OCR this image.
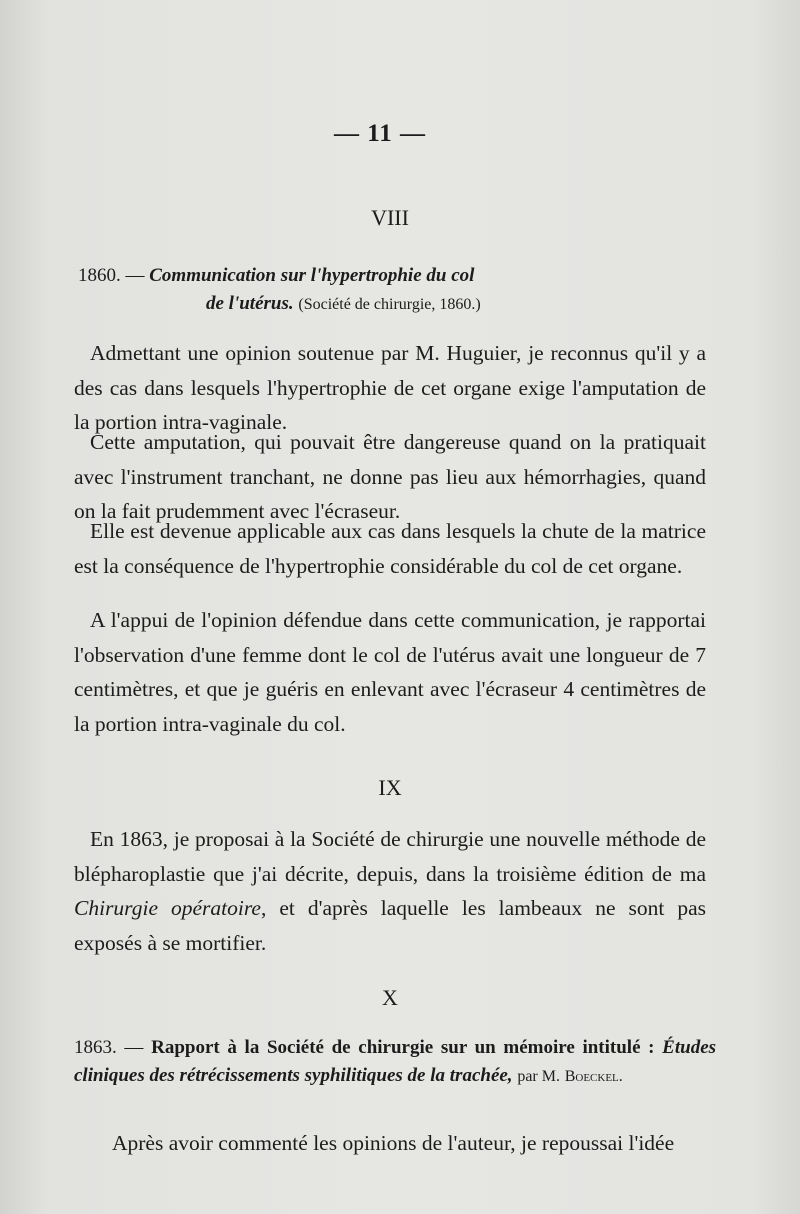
— 11 —
VIII
1860. — Communication sur l'hypertrophie du col
de l'utérus. (Société de chirurgie, 1860.)

Admettant une opinion soutenue par M. Huguier, je reconnus qu'il y a des cas dans lesquels l'hypertrophie de cet organe exige l'amputation de la portion intra-vaginale.

Cette amputation, qui pouvait être dangereuse quand on la pratiquait avec l'instrument tranchant, ne donne pas lieu aux hémorrhagies, quand on la fait prudemment avec l'écraseur.

Elle est devenue applicable aux cas dans lesquels la chute de la matrice est la conséquence de l'hypertrophie considérable du col de cet organe.

A l'appui de l'opinion défendue dans cette communication, je rapportai l'observation d'une femme dont le col de l'utérus avait une longueur de 7 centimètres, et que je guéris en enlevant avec l'écraseur 4 centimètres de la portion intra-vaginale du col.

IX

En 1863, je proposai à la Société de chirurgie une nouvelle méthode de blépharoplastie que j'ai décrite, depuis, dans la troisième édition de ma Chirurgie opératoire, et d'après laquelle les lambeaux ne sont pas exposés à se mortifier.

X
1863. — Rapport à la Société de chirurgie sur un mémoire intitulé : Études cliniques des rétrécissements syphilitiques de la trachée, par M. Boeckel.

Après avoir commenté les opinions de l'auteur, je repoussai l'idée
